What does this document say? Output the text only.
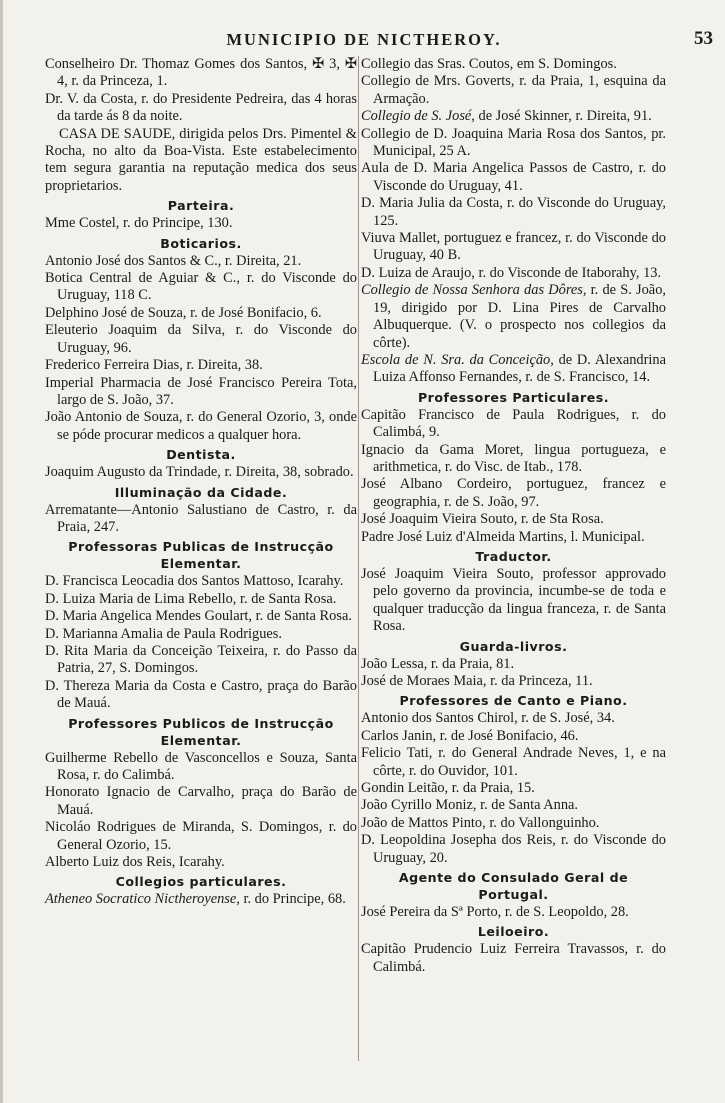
MUNICIPIO DE NICTHEROY.	53

Conselheiro Dr. Thomaz Gomes dos Santos, ✠ 3, ✠ 4, r. da Princeza, 1.

Dr. V. da Costa, r. do Presidente Pedreira, das 4 horas da tarde ás 8 da noite.

CASA DE SAUDE, dirigida pelos Drs. Pimentel & Rocha, no alto da Boa-Vista. Este estabelecimento tem segura garantia na reputação medica dos seus proprietarios.

Parteira.

Mme Costel, r. do Principe, 130.

Boticarios.

Antonio José dos Santos & C., r. Direita, 21.

Botica Central de Aguiar & C., r. do Visconde do Uruguay, 118 C.

Delphino José de Souza, r. de José Bonifacio, 6.

Eleuterio Joaquim da Silva, r. do Visconde do Uruguay, 96.

Frederico Ferreira Dias, r. Direita, 38.

Imperial Pharmacia de José Francisco Pereira Tota, largo de S. João, 37.

João Antonio de Souza, r. do General Ozorio, 3, onde se póde procurar medicos a qualquer hora.

Dentista.

Joaquim Augusto da Trindade, r. Direita, 38, sobrado.

Illuminação da Cidade.

Arrematante—Antonio Salustiano de Castro, r. da Praia, 247.

Professoras Publicas de Instrucção
Elementar.

D. Francisca Leocadia dos Santos Mattoso, Icarahy.

D. Luiza Maria de Lima Rebello, r. de Santa Rosa.

D. Maria Angelica Mendes Goulart, r. de Santa Rosa.

D. Marianna Amalia de Paula Rodrigues.

D. Rita Maria da Conceição Teixeira, r. do Passo da Patria, 27, S. Domingos.

D. Thereza Maria da Costa e Castro, praça do Barão de Mauá.

Professores Publicos de Instrucção
Elementar.

Guilherme Rebello de Vasconcellos e Souza, Santa Rosa, r. do Calimbá.

Honorato Ignacio de Carvalho, praça do Barão de Mauá.

Nicoláo Rodrigues de Miranda, S. Domingos, r. do General Ozorio, 15.

Alberto Luiz dos Reis, Icarahy.

Collegios particulares.

Atheneo Socratico Nictheroyense, r. do Principe, 68.

Collegio das Sras. Coutos, em S. Domingos.

Collegio de Mrs. Goverts, r. da Praia, 1, esquina da Armação.

Collegio de S. José, de José Skinner, r. Direita, 91.

Collegio de D. Joaquina Maria Rosa dos Santos, pr. Municipal, 25 A.

Aula de D. Maria Angelica Passos de Castro, r. do Visconde do Uruguay, 41.

D. Maria Julia da Costa, r. do Visconde do Uruguay, 125.

Viuva Mallet, portuguez e francez, r. do Visconde do Uruguay, 40 B.

D. Luiza de Araujo, r. do Visconde de Itaborahy, 13.

Collegio de Nossa Senhora das Dôres, r. de S. João, 19, dirigido por D. Lina Pires de Carvalho Albuquerque. (V. o prospecto nos collegios da côrte).

Escola de N. Sra. da Conceição, de D. Alexandrina Luiza Affonso Fernandes, r. de S. Francisco, 14.

Professores Particulares.

Capitão Francisco de Paula Rodrigues, r. do Calimbá, 9.

Ignacio da Gama Moret, lingua portugueza, e arithmetica, r. do Visc. de Itab., 178.

José Albano Cordeiro, portuguez, francez e geographia, r. de S. João, 97.

José Joaquim Vieira Souto, r. de Sta Rosa.

Padre José Luiz d'Almeida Martins, l. Municipal.

Traductor.

José Joaquim Vieira Souto, professor approvado pelo governo da provincia, incumbe-se de toda e qualquer traducção da lingua franceza, r. de Santa Rosa.

Guarda-livros.

João Lessa, r. da Praia, 81.

José de Moraes Maia, r. da Princeza, 11.

Professores de Canto e Piano.

Antonio dos Santos Chirol, r. de S. José, 34.

Carlos Janin, r. de José Bonifacio, 46.

Felicio Tati, r. do General Andrade Neves, 1, e na côrte, r. do Ouvidor, 101.

Gondin Leitão, r. da Praia, 15.

João Cyrillo Moniz, r. de Santa Anna.

João de Mattos Pinto, r. do Vallonguinho.

D. Leopoldina Josepha dos Reis, r. do Visconde do Uruguay, 20.

Agente do Consulado Geral de
Portugal.

José Pereira da Sª Porto, r. de S. Leopoldo, 28.

Leiloeiro.

Capitão Prudencio Luiz Ferreira Travassos, r. do Calimbá.
